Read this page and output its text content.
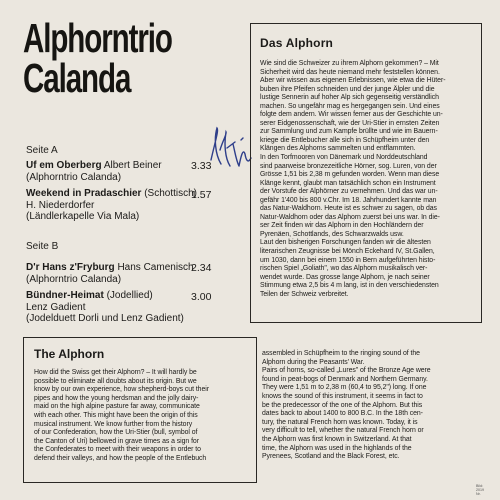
Alphorntrio
Calanda
Seite A
Uf em Oberberg Albert Beiner
(Alphorntrio Calanda)
3.33
Weekend in Pradaschier (Schottisch)
H. Niederdorfer
(Ländlerkapelle Via Mala)
1.57
Seite B
D'r Hans z'Fryburg Hans Camenisch
(Alphorntrio Calanda)
2.34
Bündner-Heimat (Jodellied)
Lenz Gadient
(Jodelduett Dorli und Lenz Gadient)
3.00
Das Alphorn

Wie sind die Schweizer zu ihrem Alphorn gekommen? – Mit
Sicherheit wird das heute niemand mehr feststellen können.
Aber wir wissen aus eigenen Erlebnissen, wie etwa die Hüter-
buben ihre Pfeifen schneiden und der junge Älpler und die
lustige Sennerin auf hoher Alp sich gegenseitig verständlich
machen. So ungefähr mag es hergegangen sein. Und eines
folgte dem andern. Wir wissen ferner aus der Geschichte un-
serer Eidgenossenschaft, wie der Uri-Stier in ernsten Zeiten
zur Sammlung und zum Kampfe brüllte und wie im Bauern-
kriege die Entlebucher alle sich in Schüpfheim unter den
Klängen des Alphorns sammelten und entflammten.
In den Torfmooren von Dänemark und Norddeutschland
sind paarweise bronzezeitliche Hörner, sog. Luren, von der
Grösse 1,51 bis 2,38 m gefunden worden. Wenn man diese
Klänge kennt, glaubt man tatsächlich schon ein Instrument
der Vorstufe der Alphörner zu vernehmen. Und das war un-
gefähr 1'400 bis 800 v.Chr. Im 18. Jahrhundert kannte man
das Natur-Waldhorn. Heute ist es schwer zu sagen, ob das
Natur-Waldhorn oder das Alphorn zuerst bei uns war. In die-
ser Zeit finden wir das Alphorn in den Hochländern der
Pyrenäen, Schottlands, des Schwarzwalds usw.
Laut den bisherigen Forschungen fanden wir die ältesten
literarischen Zeugnisse bei Mönch Eckehard IV, St.Gallen,
um 1030, dann bei einem 1550 in Bern aufgeführten histo-
rischen Spiel „Goliath", wo das Alphorn musikalisch ver-
wendet wurde. Das grosse lange Alphorn, je nach seiner
Stimmung etwa 2,5 bis 4 m lang, ist in den verschiedensten
Teilen der Schweiz verbreitet.

The Alphorn

How did the Swiss get their Alphorn? – It will hardly be
possible to eliminate all doubts about its origin. But we
know by our own experience, how shepherd-boys cut their
pipes and how the young herdsman and the jolly dairy-
maid on the high alpine pasture far away, communicate
with each other. This might have been the origin of this
musical instrument. We know further from the history
of our Confederation, how the Uri-Stier (bull, symbol of
the Canton of Uri) bellowed in grave times as a sign for
the Confederates to meet with their weapons in order to
defend their valleys, and how the people of the Entlebuch

assembled in Schüpfheim to the ringing sound of the
Alphorn during the Peasants' War.
Pairs of horns, so-called „Lures" of the Bronze Age were
found in peat-bogs of Denmark and Northern Germany.
They were 1,51 m to 2,38 m (60,4 to 95,2") long. If one
knows the sound of this instrument, it seems in fact to
be the predecessor of the one of the Alphorn. But this
dates back to about 1400 to 800 B.C. In the 18th cen-
tury, the natural French horn was known. Today, it is
very difficult to tell, whether the natural French horn or
the Alphorn was first known in Switzerland. At that
time, the Alphorn was used in the highlands of the
Pyrenees, Scotland and the Black Forest, etc.

Bild:
2019
Nr.
